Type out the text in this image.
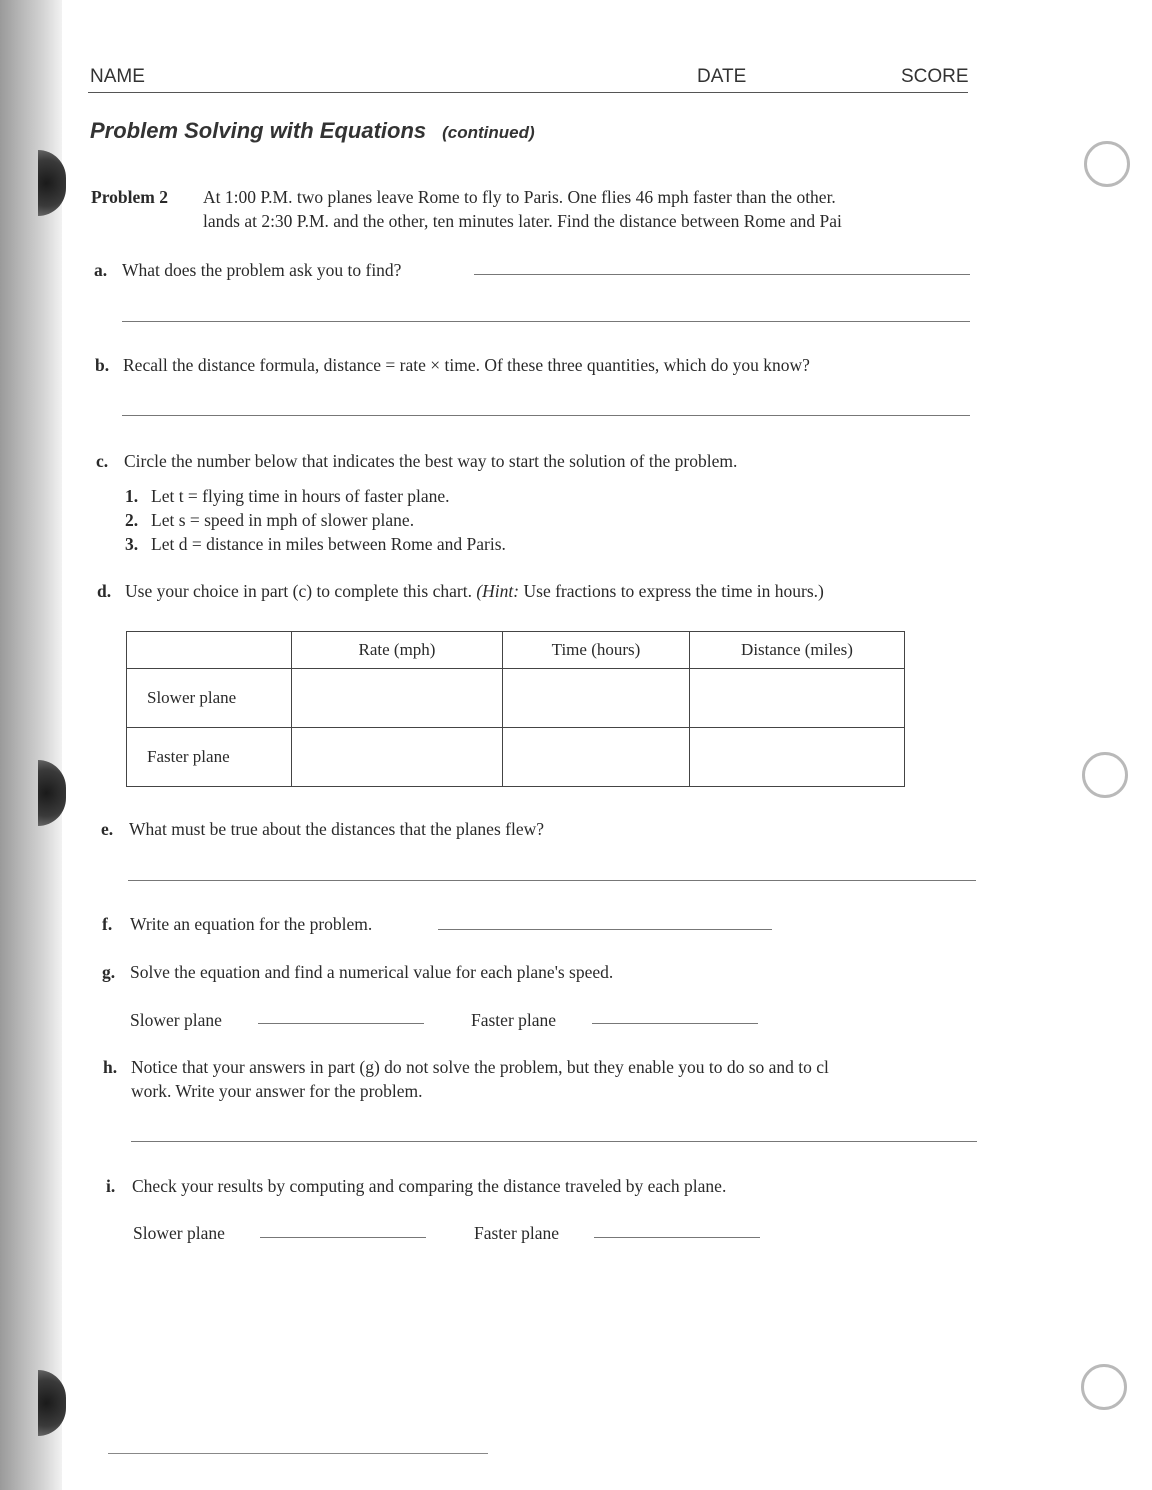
NAME	DATE	SCORE
Problem Solving with Equations (continued)
Problem 2 At 1:00 P.M. two planes leave Rome to fly to Paris. One flies 46 mph faster than the other.
lands at 2:30 P.M. and the other, ten minutes later. Find the distance between Rome and Pai
a. What does the problem ask you to find?
b. Recall the distance formula, distance = rate × time. Of these three quantities, which do you know?
c. Circle the number below that indicates the best way to start the solution of the problem.
1. Let t = flying time in hours of faster plane.
2. Let s = speed in mph of slower plane.
3. Let d = distance in miles between Rome and Paris.
d. Use your choice in part (c) to complete this chart. (Hint: Use fractions to express the time in hours.)
	Rate (mph)	Time (hours)	Distance (miles)
Slower plane			
Faster plane			
e. What must be true about the distances that the planes flew?
f. Write an equation for the problem.
g. Solve the equation and find a numerical value for each plane's speed.
Slower plane	Faster plane
h. Notice that your answers in part (g) do not solve the problem, but they enable you to do so and to cl
work. Write your answer for the problem.
i. Check your results by computing and comparing the distance traveled by each plane.
Slower plane	Faster plane
